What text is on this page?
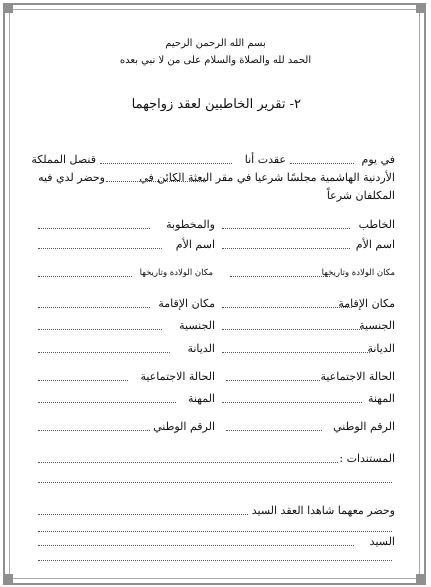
بسم الله الرحمن الرحيم
الحمد لله والصلاة والسلام على من لا نبي بعده
٢- تقرير الخاطبين لعقد زواجهما
في يوم
عقدت أنا
قنصل المملكة
الأردنية الهاشمية مجلسًا شرعيا في مقر البعثة الكائن في
وحضر لدي فيه
المكلفان شرعاً
الخاطب
اسم الأم
مكان الولادة وتاريخها
مكان الإقامة
الجنسية
الديانة
الحالة الاجتماعية
المهنة
الرقم الوطني
والمخطوبة
اسم الأم
مكان الولادة وتاريخها
مكان الإقامة
الجنسية
الديانة
الحالة الاجتماعية
المهنة
الرقم الوطني
المستندات :
وحضر معهما شاهدا العقد السيد
السيد
